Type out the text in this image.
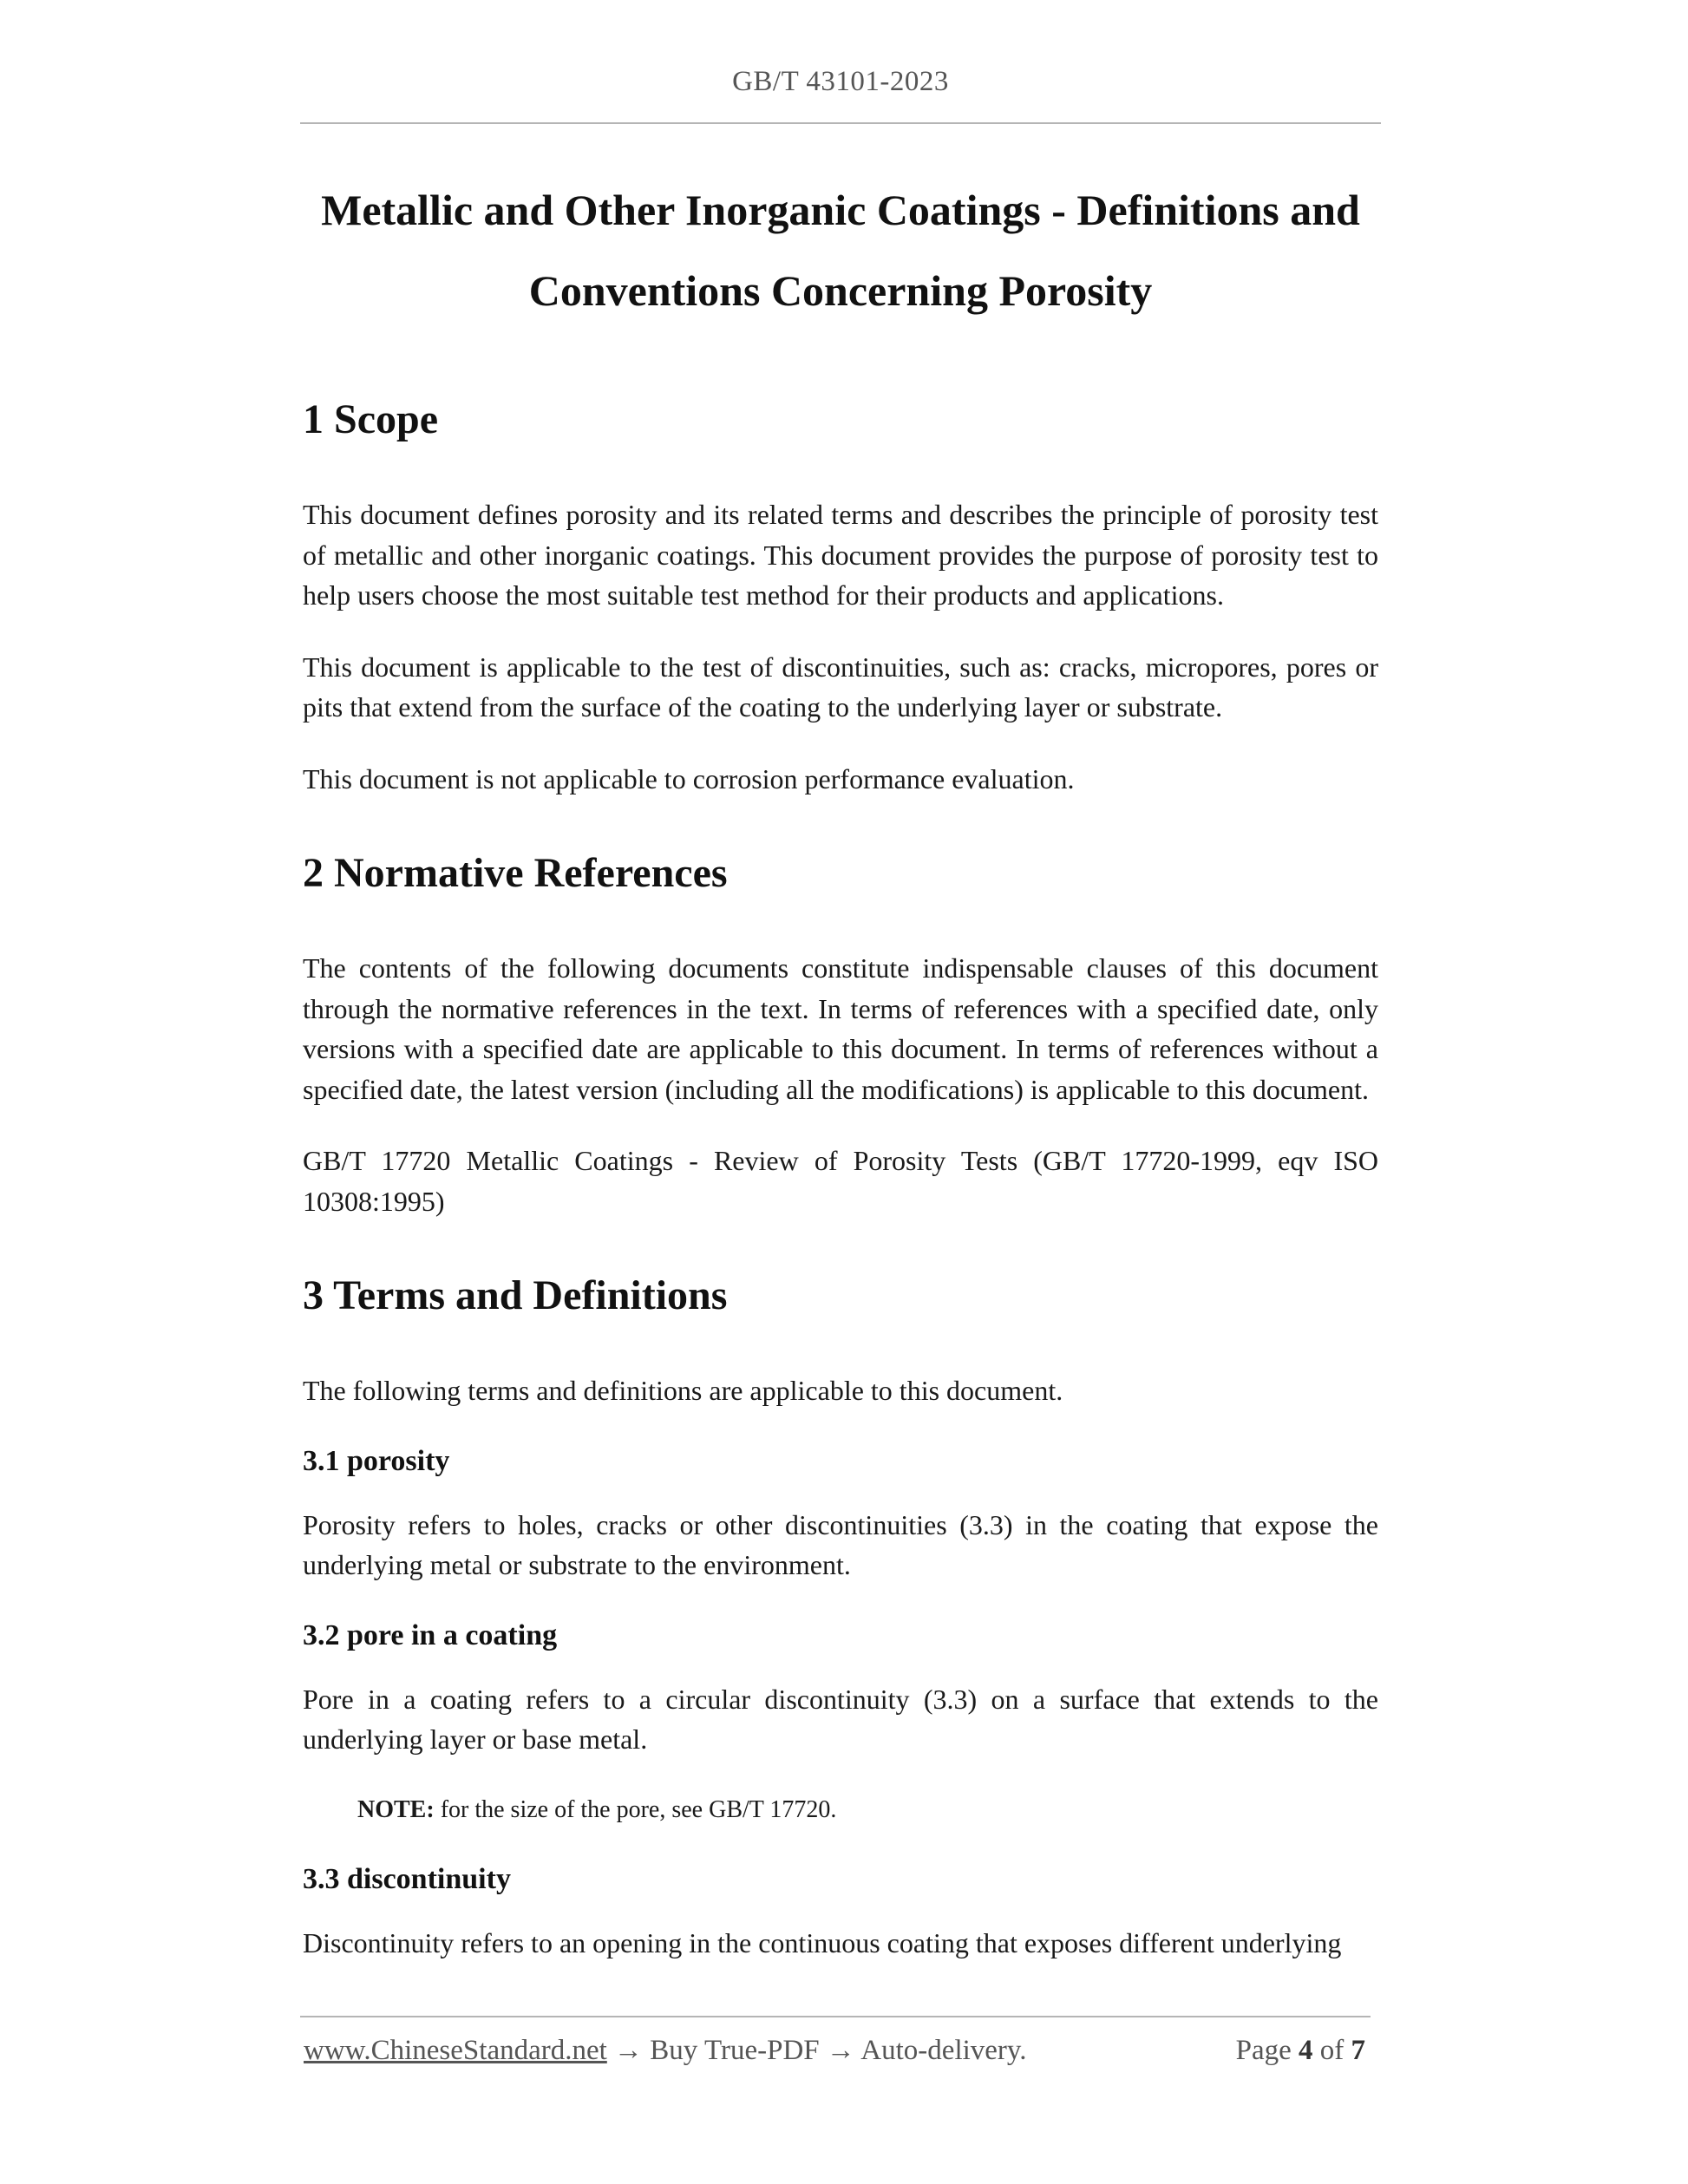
GB/T 43101-2023
Metallic and Other Inorganic Coatings - Definitions and
Conventions Concerning Porosity
1 Scope

This document defines porosity and its related terms and describes the principle of porosity test of metallic and other inorganic coatings. This document provides the purpose of porosity test to help users choose the most suitable test method for their products and applications.

This document is applicable to the test of discontinuities, such as: cracks, micropores, pores or pits that extend from the surface of the coating to the underlying layer or substrate.

This document is not applicable to corrosion performance evaluation.

2 Normative References

The contents of the following documents constitute indispensable clauses of this document through the normative references in the text. In terms of references with a specified date, only versions with a specified date are applicable to this document. In terms of references without a specified date, the latest version (including all the modifications) is applicable to this document.

GB/T 17720 Metallic Coatings - Review of Porosity Tests (GB/T 17720-1999, eqv ISO 10308:1995)

3 Terms and Definitions

The following terms and definitions are applicable to this document.

3.1 porosity

Porosity refers to holes, cracks or other discontinuities (3.3) in the coating that expose the underlying metal or substrate to the environment.

3.2 pore in a coating

Pore in a coating refers to a circular discontinuity (3.3) on a surface that extends to the underlying layer or base metal.

NOTE: for the size of the pore, see GB/T 17720.

3.3 discontinuity

Discontinuity refers to an opening in the continuous coating that exposes different underlying

www.ChineseStandard.net → Buy True-PDF → Auto-delivery.	Page 4 of 7
